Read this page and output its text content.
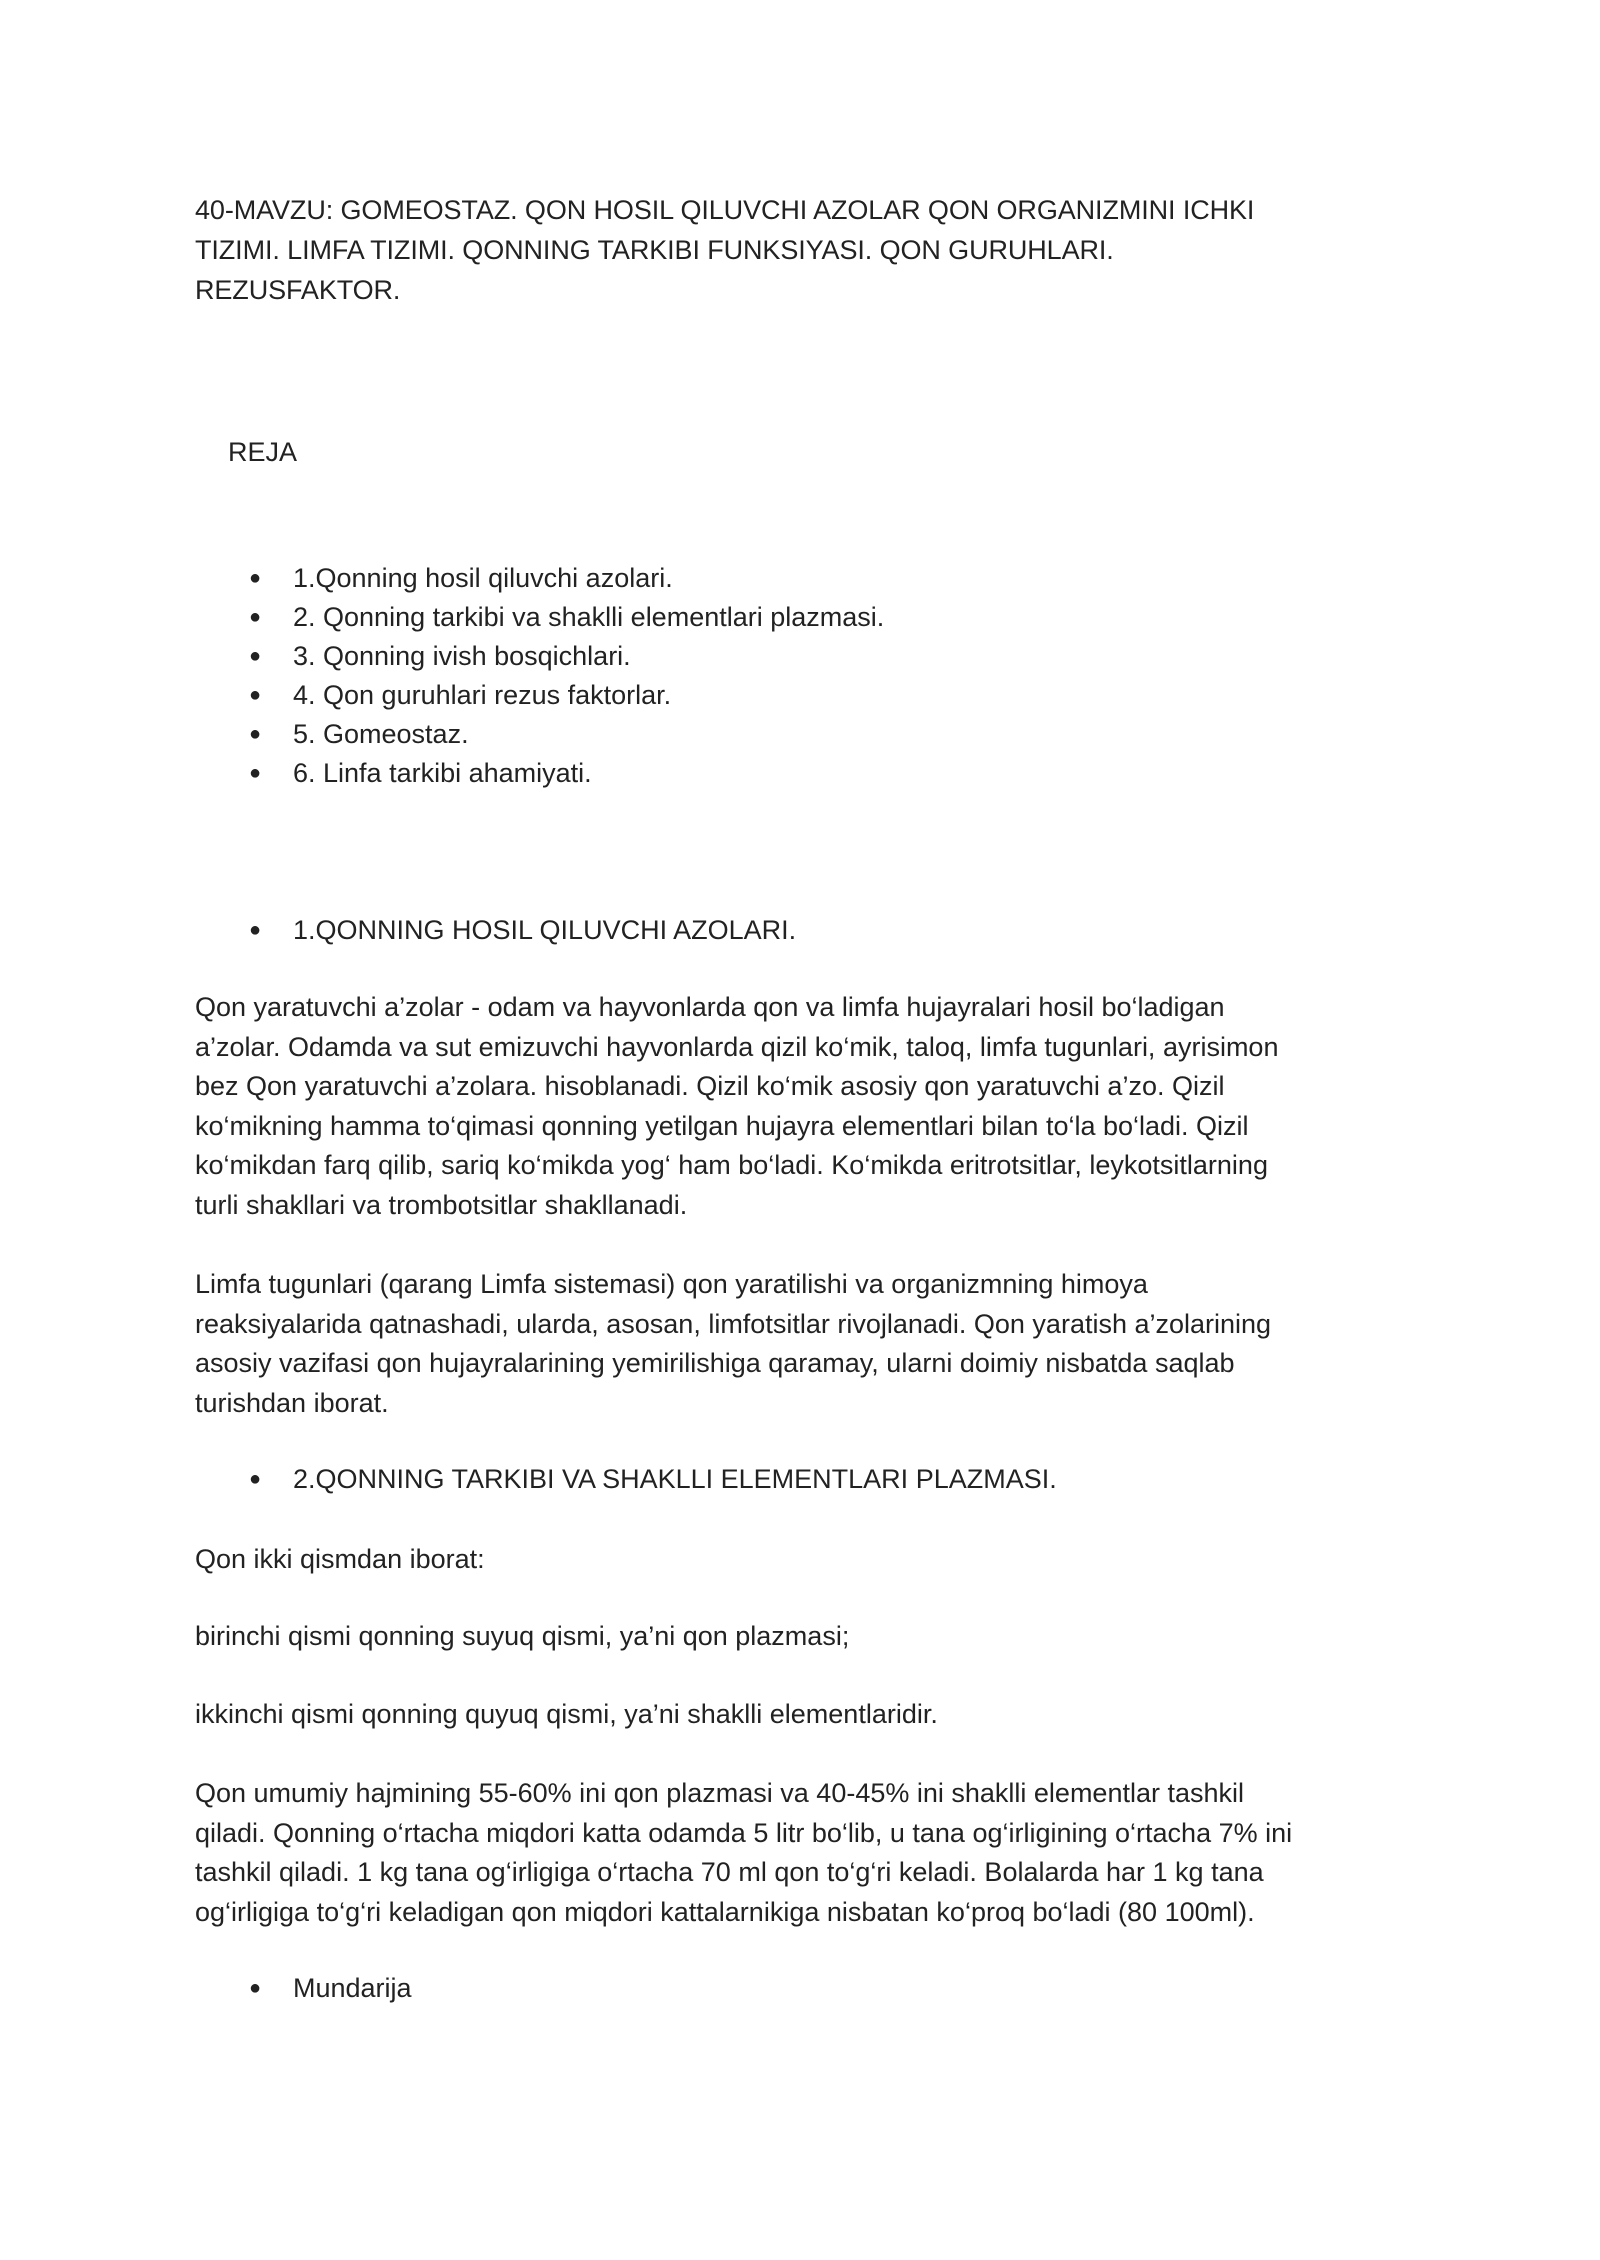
40-MAVZU: GOMEOSTAZ. QON HOSIL QILUVCHI AZOLAR QON ORGANIZMINI ICHKI
TIZIMI. LIMFA TIZIMI. QONNING TARKIBI FUNKSIYASI. QON GURUHLARI.
REZUSFAKTOR.
REJA
● 1.Qonning hosil qiluvchi azolari.
● 2. Qonning tarkibi va shaklli elementlari plazmasi.
● 3. Qonning ivish bosqichlari.
● 4. Qon guruhlari rezus faktorlar.
● 5. Gomeostaz.
● 6. Linfa tarkibi ahamiyati.
● 1.QONNING HOSIL QILUVCHI AZOLARI.
Qon yaratuvchi a’zolar - odam va hayvonlarda qon va limfa hujayralari hosil bo‘ladigan
a’zolar. Odamda va sut emizuvchi hayvonlarda qizil ko‘mik, taloq, limfa tugunlari, ayrisimon
bez Qon yaratuvchi a’zolara. hisoblanadi. Qizil ko‘mik asosiy qon yaratuvchi a’zo. Qizil
ko‘mikning hamma to‘qimasi qonning yetilgan hujayra elementlari bilan to‘la bo‘ladi. Qizil
ko‘mikdan farq qilib, sariq ko‘mikda yog‘ ham bo‘ladi. Ko‘mikda eritrotsitlar, leykotsitlarning
turli shakllari va trombotsitlar shakllanadi.
Limfa tugunlari (qarang Limfa sistemasi) qon yaratilishi va organizmning himoya
reaksiyalarida qatnashadi, ularda, asosan, limfotsitlar rivojlanadi. Qon yaratish a’zolarining
asosiy vazifasi qon hujayralarining yemirilishiga qaramay, ularni doimiy nisbatda saqlab
turishdan iborat.
● 2.QONNING TARKIBI VA SHAKLLI ELEMENTLARI PLAZMASI.
Qon ikki qismdan iborat:
birinchi qismi qonning suyuq qismi, ya’ni qon plazmasi;
ikkinchi qismi qonning quyuq qismi, ya’ni shaklli elementlaridir.
Qon umumiy hajmining 55-60% ini qon plazmasi va 40-45% ini shaklli elementlar tashkil
qiladi. Qonning o‘rtacha miqdori katta odamda 5 litr bo‘lib, u tana og‘irligining o‘rtacha 7% ini
tashkil qiladi. 1 kg tana og‘irligiga o‘rtacha 70 ml qon to‘g‘ri keladi. Bolalarda har 1 kg tana
og‘irligiga to‘g‘ri keladigan qon miqdori kattalarnikiga nisbatan ko‘proq bo‘ladi (80 100ml).
● Mundarija
